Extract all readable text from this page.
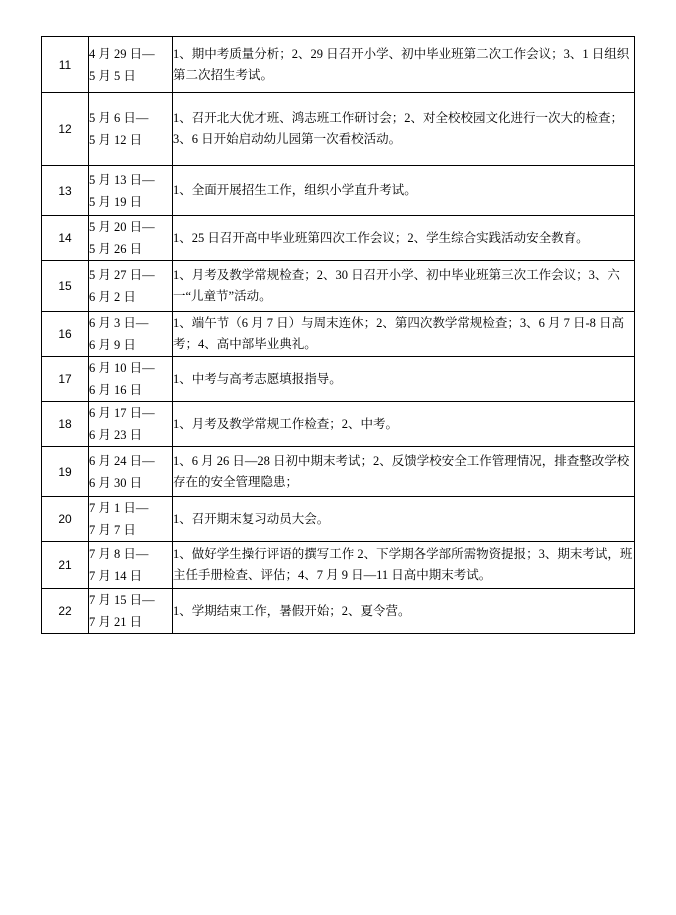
11	4 月 29 日—
5 月 5 日	1、期中考质量分析；2、29 日召开小学、初中毕业班第二次工作会议；3、1 日组织第二次招生考试。
12	5 月 6 日—
5 月 12 日	1、召开北大优才班、鸿志班工作研讨会；2、对全校校园文化进行一次大的检查；3、6 日开始启动幼儿园第一次看校活动。
13	5 月 13 日—
5 月 19 日	1、全面开展招生工作，组织小学直升考试。
14	5 月 20 日—
5 月 26 日	1、25 日召开高中毕业班第四次工作会议；2、学生综合实践活动安全教育。
15	5 月 27 日—
6 月 2 日	1、月考及教学常规检查；2、30 日召开小学、初中毕业班第三次工作会议；3、六一“儿童节”活动。
16	6 月 3 日—
6 月 9 日	1、端午节（6 月 7 日）与周末连休；2、第四次教学常规检查；3、6 月 7 日-8 日高考；4、高中部毕业典礼。
17	6 月 10 日—
6 月 16 日	1、中考与高考志愿填报指导。
18	6 月 17 日—
6 月 23 日	1、月考及教学常规工作检查；2、中考。
19	6 月 24 日—
6 月 30 日	1、6 月 26 日—28 日初中期末考试；2、反馈学校安全工作管理情况，排查整改学校存在的安全管理隐患；
20	7 月 1 日—
7 月 7 日	1、召开期末复习动员大会。
21	7 月 8 日—
7 月 14 日	1、做好学生操行评语的撰写工作 2、下学期各学部所需物资提报；3、期末考试，班主任手册检查、评估；4、7 月 9 日—11 日高中期末考试。
22	7 月 15 日—
7 月 21 日	1、学期结束工作，暑假开始；2、夏令营。
